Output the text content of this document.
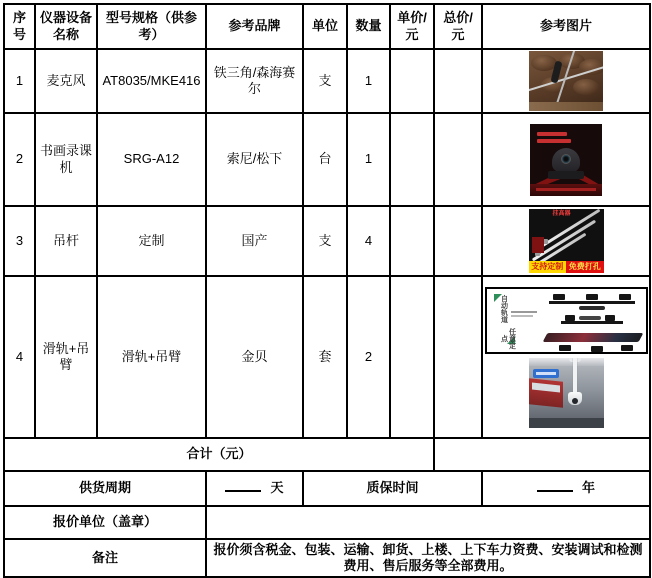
序号	仪器设备名称	型号规格（供参考）	参考品牌	单位	数量	单价/元	总价/元	参考图片
1	麦克风	AT8035/MKE416	铁三角/森海赛尔	支	1			

2	书画录课机	SRG-A12	索尼/松下	台	1			

3	吊杆	定制	国产	支	4			挂高器
支持定制 免费打孔

4	滑轨+吊臂	滑轨+吊臂	金贝	套	2			自动轨道
任意定点

合计（元）								
供货周期			天	质保时间				年
报价单位（盖章）								
备注			报价须含税金、包装、运输、卸货、上楼、上下车力资费、安装调试和检测费用、售后服务等全部费用。					
